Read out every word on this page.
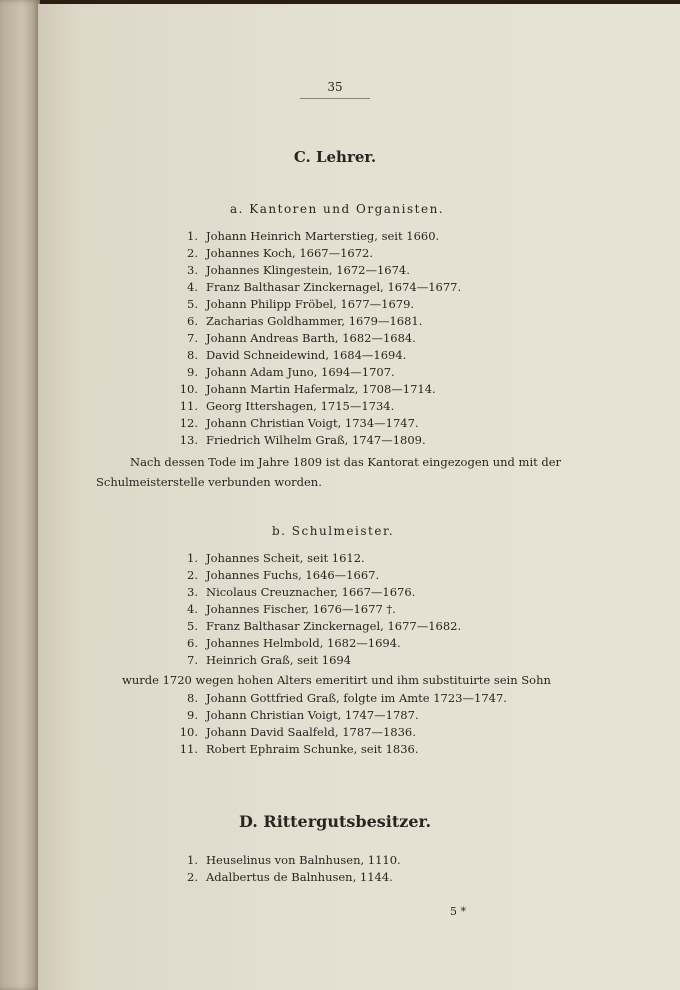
35
C. Lehrer.
a. Kantoren und Organisten.
1. Johann Heinrich Marterstieg, seit 1660.
2. Johannes Koch, 1667—1672.
3. Johannes Klingestein, 1672—1674.
4. Franz Balthasar Zinckernagel, 1674—1677.
5. Johann Philipp Fröbel, 1677—1679.
6. Zacharias Goldhammer, 1679—1681.
7. Johann Andreas Barth, 1682—1684.
8. David Schneidewind, 1684—1694.
9. Johann Adam Juno, 1694—1707.
10. Johann Martin Hafermalz, 1708—1714.
11. Georg Ittershagen, 1715—1734.
12. Johann Christian Voigt, 1734—1747.
13. Friedrich Wilhelm Graß, 1747—1809.
Nach dessen Tode im Jahre 1809 ist das Kantorat eingezogen und mit der
Schulmeisterstelle verbunden worden.
b. Schulmeister.
1. Johannes Scheit, seit 1612.
2. Johannes Fuchs, 1646—1667.
3. Nicolaus Creuznacher, 1667—1676.
4. Johannes Fischer, 1676—1677 †.
5. Franz Balthasar Zinckernagel, 1677—1682.
6. Johannes Helmbold, 1682—1694.
7. Heinrich Graß, seit 1694
wurde 1720 wegen hohen Alters emeritirt und ihm substituirte sein Sohn
8. Johann Gottfried Graß, folgte im Amte 1723—1747.
9. Johann Christian Voigt, 1747—1787.
10. Johann David Saalfeld, 1787—1836.
11. Robert Ephraim Schunke, seit 1836.
D. Rittergutsbesitzer.
1. Heuselinus von Balnhusen, 1110.
2. Adalbertus de Balnhusen, 1144.
5 *
